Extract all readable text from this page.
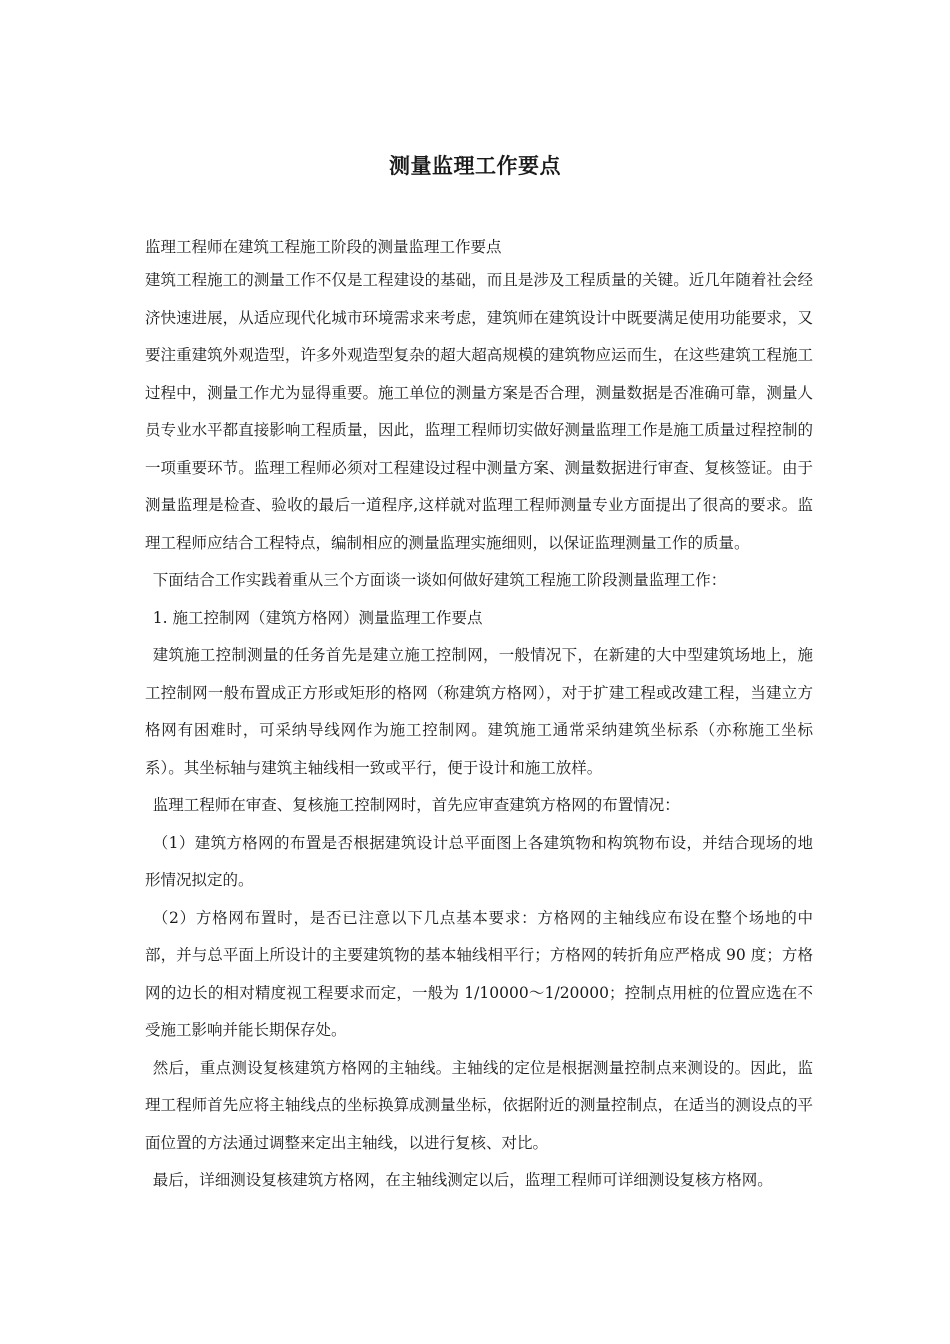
测量监理工作要点

监理工程师在建筑工程施工阶段的测量监理工作要点

建筑工程施工的测量工作不仅是工程建设的基础，而且是涉及工程质量的关键。近几年随着社会经济快速进展，从适应现代化城市环境需求来考虑，建筑师在建筑设计中既要满足使用功能要求，又要注重建筑外观造型，许多外观造型复杂的超大超高规模的建筑物应运而生，在这些建筑工程施工过程中，测量工作尤为显得重要。施工单位的测量方案是否合理，测量数据是否准确可靠，测量人员专业水平都直接影响工程质量，因此，监理工程师切实做好测量监理工作是施工质量过程控制的一项重要环节。监理工程师必须对工程建设过程中测量方案、测量数据进行审查、复核签证。由于测量监理是检查、验收的最后一道程序,这样就对监理工程师测量专业方面提出了很高的要求。监理工程师应结合工程特点，编制相应的测量监理实施细则，以保证监理测量工作的质量。

下面结合工作实践着重从三个方面谈一谈如何做好建筑工程施工阶段测量监理工作：

1. 施工控制网（建筑方格网）测量监理工作要点

建筑施工控制测量的任务首先是建立施工控制网，一般情况下，在新建的大中型建筑场地上，施工控制网一般布置成正方形或矩形的格网（称建筑方格网），对于扩建工程或改建工程，当建立方格网有困难时，可采纳导线网作为施工控制网。建筑施工通常采纳建筑坐标系（亦称施工坐标系）。其坐标轴与建筑主轴线相一致或平行，便于设计和施工放样。

监理工程师在审查、复核施工控制网时，首先应审查建筑方格网的布置情况：

（1）建筑方格网的布置是否根据建筑设计总平面图上各建筑物和构筑物布设，并结合现场的地形情况拟定的。

（2）方格网布置时，是否已注意以下几点基本要求：方格网的主轴线应布设在整个场地的中部，并与总平面上所设计的主要建筑物的基本轴线相平行；方格网的转折角应严格成 90 度；方格网的边长的相对精度视工程要求而定，一般为 1/10000～1/20000；控制点用桩的位置应选在不受施工影响并能长期保存处。

然后，重点测设复核建筑方格网的主轴线。主轴线的定位是根据测量控制点来测设的。因此，监理工程师首先应将主轴线点的坐标换算成测量坐标，依据附近的测量控制点，在适当的测设点的平面位置的方法通过调整来定出主轴线，以进行复核、对比。

最后，详细测设复核建筑方格网，在主轴线测定以后，监理工程师可详细测设复核方格网。
